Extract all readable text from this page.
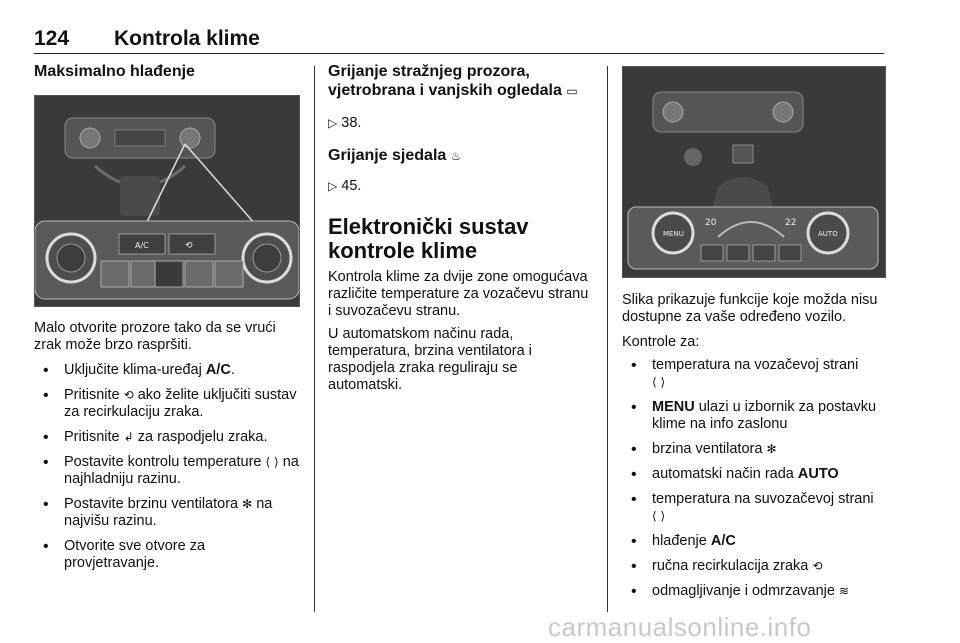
124 Kontrola klime
Maksimalno hlađenje
A/C	⟲

Malo otvorite prozore tako da se vrući zrak može brzo raspršiti.

• Uključite klima-uređaj A/C.
• Pritisnite ⟲ ako želite uključiti sustav za recirkulaciju zraka.
• Pritisnite ↲ za raspodjelu zraka.
• Postavite kontrolu temperature ⟨ ⟩ na najhladniju razinu.
• Postavite brzinu ventilatora ✻ na najvišu razinu.
• Otvorite sve otvore za provjetravanje.
Grijanje stražnjeg prozora, vjetrobrana i vanjskih ogledala ▭

▷ 38.

Grijanje sjedala ♨

▷ 45.

Elektronički sustav kontrole klime

Kontrola klime za dvije zone omogućava različite temperature za vozačevu stranu i suvozačevu stranu.

U automatskom načinu rada, temperatura, brzina ventilatora i raspodjela zraka reguliraju se automatski.

MENU	AUTO
20	22

Slika prikazuje funkcije koje možda nisu dostupne za vaše određeno vozilo.

Kontrole za:

• temperatura na vozačevoj strani
⟨ ⟩
• MENU ulazi u izbornik za postavku klime na info zaslonu
• brzina ventilatora ✻
• automatski način rada AUTO
• temperatura na suvozačevoj strani
⟨ ⟩
• hlađenje A/C
• ručna recirkulacija zraka ⟲
• odmagljivanje i odmrzavanje ≋
carmanualsonline.info
